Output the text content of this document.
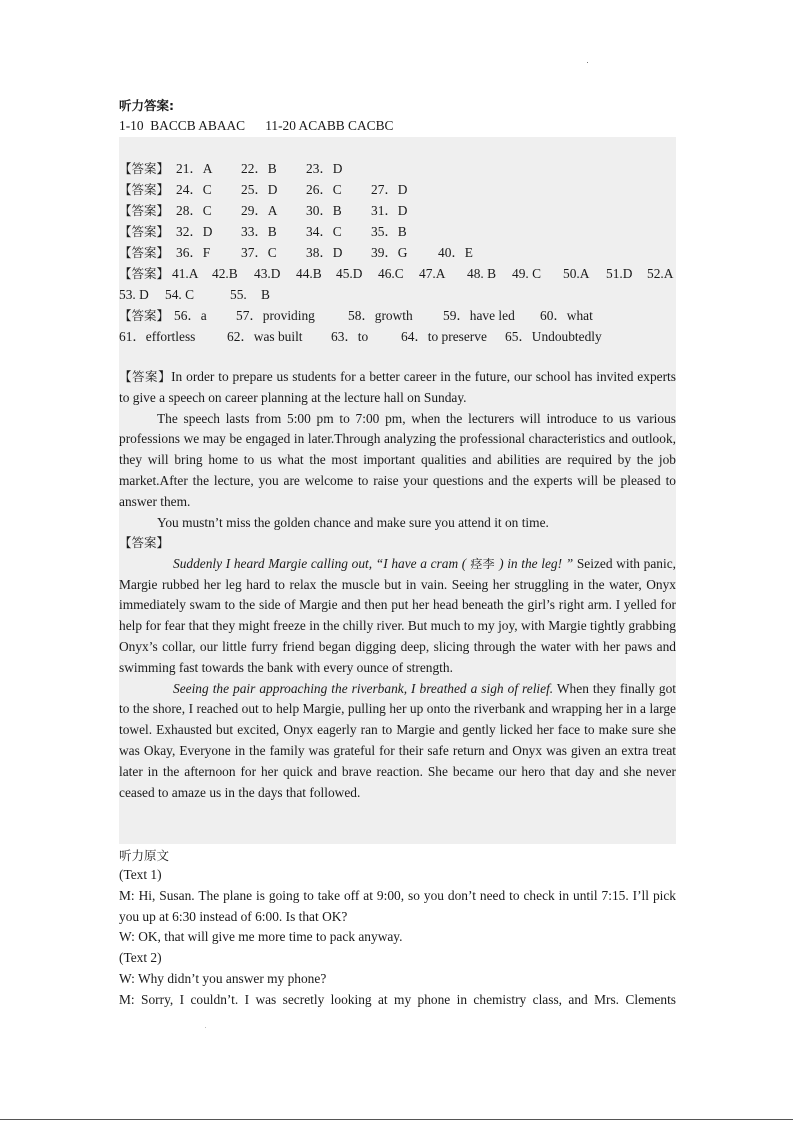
听力答案:
1-10  BACCB ABAAC      11-20 ACABB CACBC
【答案】 21．A 22．B 23．D
【答案】 24．C 25．D 26．C 27．D
【答案】 28．C 29．A 30．B 31．D
【答案】 32．D 33．B 34．C 35．B
【答案】 36．F 37．C 38．D 39．G 40．E
【答案】 41.A 42.B 43.D 44.B 45.D 46.C 47.A 48. B 49. C 50.A 51.D 52.A
53. D 54. C	55. B
【答案】 56．a 57．providing 58．growth 59．have led 60．what
61．effortless 62．was built 63．to 64．to preserve 65．Undoubtedly

【答案】In order to prepare us students for a better career in the future, our school has invited experts to give a speech on career planning at the lecture hall on Sunday.

The speech lasts from 5:00 pm to 7:00 pm, when the lecturers will introduce to us various professions we may be engaged in later.Through analyzing the professional characteristics and outlook, they will bring home to us what the most important qualities and abilities are required by the job market.After the lecture, you are welcome to raise your questions and the experts will be pleased to answer them.

You mustn’t miss the golden chance and make sure you attend it on time.

【答案】

Suddenly I heard Margie calling out, “I have a cram ( 痉李 ) in the leg! ” Seized with panic, Margie rubbed her leg hard to relax the muscle but in vain. Seeing her struggling in the water, Onyx immediately swam to the side of Margie and then put her head beneath the girl’s right arm. I yelled for help for fear that they might freeze in the chilly river. But much to my joy, with Margie tightly grabbing Onyx’s collar, our little furry friend began digging deep, slicing through the water with her paws and swimming fast towards the bank with every ounce of strength.

Seeing the pair approaching the riverbank, I breathed a sigh of relief. When they finally got to the shore, I reached out to help Margie, pulling her up onto the riverbank and wrapping her in a large towel. Exhausted but excited, Onyx eagerly ran to Margie and gently licked her face to make sure she was Okay, Everyone in the family was grateful for their safe return and Onyx was given an extra treat later in the afternoon for her quick and brave reaction. She became our hero that day and she never ceased to amaze us in the days that followed.

听力原文

(Text 1)

M: Hi, Susan. The plane is going to take off at 9:00, so you don’t need to check in until 7:15. I’ll pick you up at 6:30 instead of 6:00. Is that OK?

W: OK, that will give me more time to pack anyway.

(Text 2)

W: Why didn’t you answer my phone?

M: Sorry, I couldn’t. I was secretly looking at my phone in chemistry class, and Mrs. Clements
